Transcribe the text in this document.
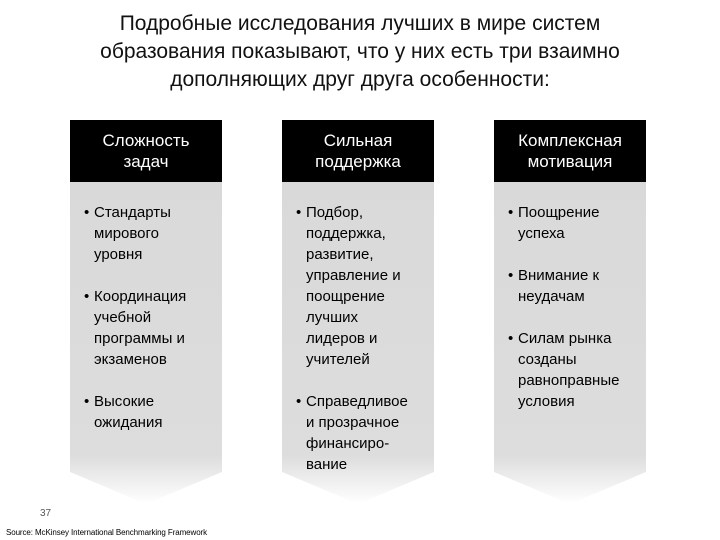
Подробные исследования лучших в мире систем
образования показывают, что у них есть три взаимно
дополняющих друг друга особенности:
Сложность
задач
• Стандарты
мирового
уровня
• Координация
учебной
программы и
экзаменов
• Высокие
ожидания
Сильная
поддержка
• Подбор,
поддержка,
развитие,
управление и
поощрение
лучших
лидеров и
учителей
• Справедливое
и прозрачное
финансиро-
вание
Комплексная
мотивация
• Поощрение
успеха
• Внимание к
неудачам
• Силам рынка
созданы
равноправные
условия
37
Source: McKinsey International Benchmarking Framework
